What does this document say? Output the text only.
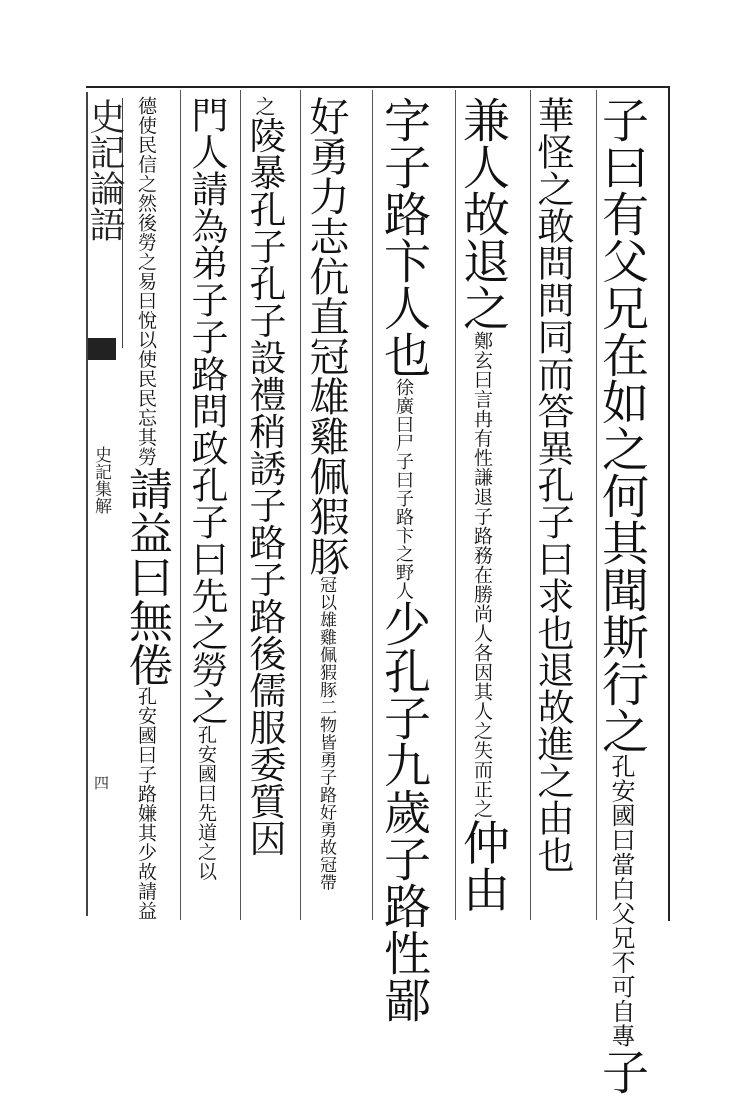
史記論語
史記集解
四
子曰有父兄在如之何其聞斯行之孔安國曰當白父兄不可自專子
華怪之敢問問同而答異孔子曰求也退故進之由也
兼人故退之鄭玄曰言冉有性謙退子路務在勝尚人各因其人之失而正之仲由
字子路卞人也徐廣曰尸子曰子路卞之野人少孔子九歲子路性鄙
好勇力志伉直冠雄雞佩猳豚冠以雄雞佩猳豚二物皆勇子路好勇故冠帶
之陵暴孔子孔子設禮稍誘子路子路後儒服委質因
門人請為弟子子路問政孔子曰先之勞之孔安國曰先道之以
德使民信之然後勞之易曰悅以使民民忘其勞請益曰無倦孔安國曰子路嫌其少故請益
